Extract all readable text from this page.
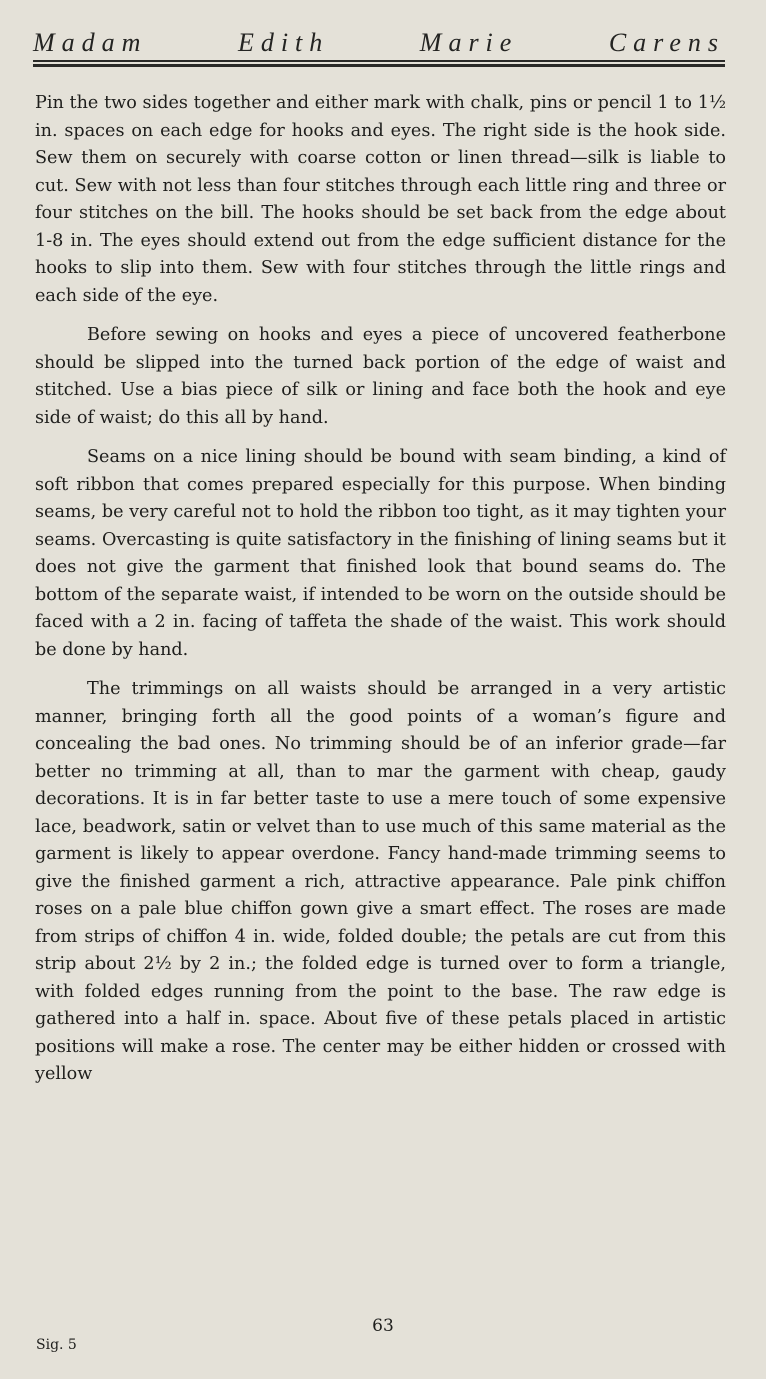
Madam	Edith	Marie	Carens

Pin the two sides together and either mark with chalk, pins or pencil 1 to 1½ in. spaces on each edge for hooks and eyes. The right side is the hook side. Sew them on securely with coarse cotton or linen thread—silk is liable to cut. Sew with not less than four stitches through each little ring and three or four stitches on the bill. The hooks should be set back from the edge about 1-8 in. The eyes should extend out from the edge sufficient distance for the hooks to slip into them. Sew with four stitches through the little rings and each side of the eye.

Before sewing on hooks and eyes a piece of uncovered featherbone should be slipped into the turned back portion of the edge of waist and stitched. Use a bias piece of silk or lining and face both the hook and eye side of waist; do this all by hand.

Seams on a nice lining should be bound with seam binding, a kind of soft ribbon that comes prepared especially for this purpose. When binding seams, be very careful not to hold the ribbon too tight, as it may tighten your seams. Overcasting is quite satisfactory in the finishing of lining seams but it does not give the garment that finished look that bound seams do. The bottom of the separate waist, if intended to be worn on the outside should be faced with a 2 in. facing of taffeta the shade of the waist. This work should be done by hand.

The trimmings on all waists should be arranged in a very artistic manner, bringing forth all the good points of a woman’s figure and concealing the bad ones. No trimming should be of an inferior grade—far better no trimming at all, than to mar the garment with cheap, gaudy decorations. It is in far better taste to use a mere touch of some expensive lace, beadwork, satin or velvet than to use much of this same material as the garment is likely to appear overdone. Fancy hand-made trimming seems to give the finished garment a rich, attractive appearance. Pale pink chiffon roses on a pale blue chiffon gown give a smart effect. The roses are made from strips of chiffon 4 in. wide, folded double; the petals are cut from this strip about 2½ by 2 in.; the folded edge is turned over to form a triangle, with folded edges running from the point to the base. The raw edge is gathered into a half in. space. About five of these petals placed in artistic positions will make a rose. The center may be either hidden or crossed with yellow

63
Sig. 5
